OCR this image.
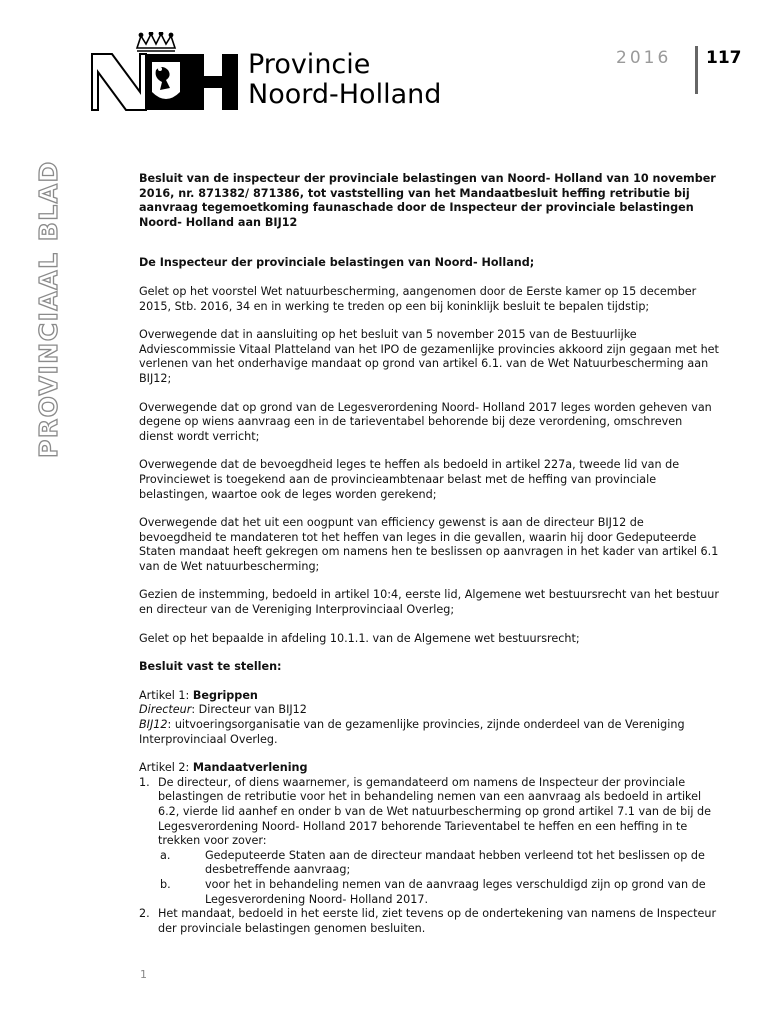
Provincie
Noord-Holland
2016 117
PROVINCIAAL BLAD	Besluit van de inspecteur der provinciale belastingen van Noord- Holland van 10 november 2016, nr. 871382/ 871386, tot vaststelling van het Mandaatbesluit heffing retributie bij aanvraag tegemoetkoming faunaschade door de Inspecteur der provinciale belastingen Noord- Holland aan BIJ12
De Inspecteur der provinciale belastingen van Noord- Holland;

Gelet op het voorstel Wet natuurbescherming, aangenomen door de Eerste kamer op 15 december 2015, Stb. 2016, 34 en in werking te treden op een bij koninklijk besluit te bepalen tijdstip;

Overwegende dat in aansluiting op het besluit van 5 november 2015 van de Bestuurlijke Adviescommissie Vitaal Platteland van het IPO de gezamenlijke provincies akkoord zijn gegaan met het verlenen van het onderhavige mandaat op grond van artikel 6.1. van de Wet Natuurbescherming aan BIJ12;

Overwegende dat op grond van de Legesverordening Noord- Holland 2017 leges worden geheven van degene op wiens aanvraag een in de tarieventabel behorende bij deze verordening, omschreven dienst wordt verricht;

Overwegende dat de bevoegdheid leges te heffen als bedoeld in artikel 227a, tweede lid van de Provinciewet is toegekend aan de provincieambtenaar belast met de heffing van provinciale belastingen, waartoe ook de leges worden gerekend;

Overwegende dat het uit een oogpunt van efficiency gewenst is aan de directeur BIJ12 de bevoegdheid te mandateren tot het heffen van leges in die gevallen, waarin hij door Gedeputeerde Staten mandaat heeft gekregen om namens hen te beslissen op aanvragen in het kader van artikel 6.1 van de Wet natuurbescherming;

Gezien de instemming, bedoeld in artikel 10:4, eerste lid, Algemene wet bestuursrecht van het bestuur en directeur van de Vereniging Interprovinciaal Overleg;

Gelet op het bepaalde in afdeling 10.1.1. van de Algemene wet bestuursrecht;

Besluit vast te stellen:
Artikel 1: Begrippen
Directeur: Directeur van BIJ12
BIJ12: uitvoeringsorganisatie van de gezamenlijke provincies, zijnde onderdeel van de Vereniging Interprovinciaal Overleg.
Artikel 2: Mandaatverlening
1. De directeur, of diens waarnemer, is gemandateerd om namens de Inspecteur der provinciale belastingen de retributie voor het in behandeling nemen van een aanvraag als bedoeld in artikel 6.2, vierde lid aanhef en onder b van de Wet natuurbescherming op grond artikel 7.1 van de bij de Legesverordening Noord- Holland 2017 behorende Tarieventabel te heffen en een heffing in te trekken voor zover:
a.	Gedeputeerde Staten aan de directeur mandaat hebben verleend tot het beslissen op de desbetreffende aanvraag;
b.	voor het in behandeling nemen van de aanvraag leges verschuldigd zijn op grond van de Legesverordening Noord- Holland 2017.
2. Het mandaat, bedoeld in het eerste lid, ziet tevens op de ondertekening van namens de Inspecteur der provinciale belastingen genomen besluiten.
1
